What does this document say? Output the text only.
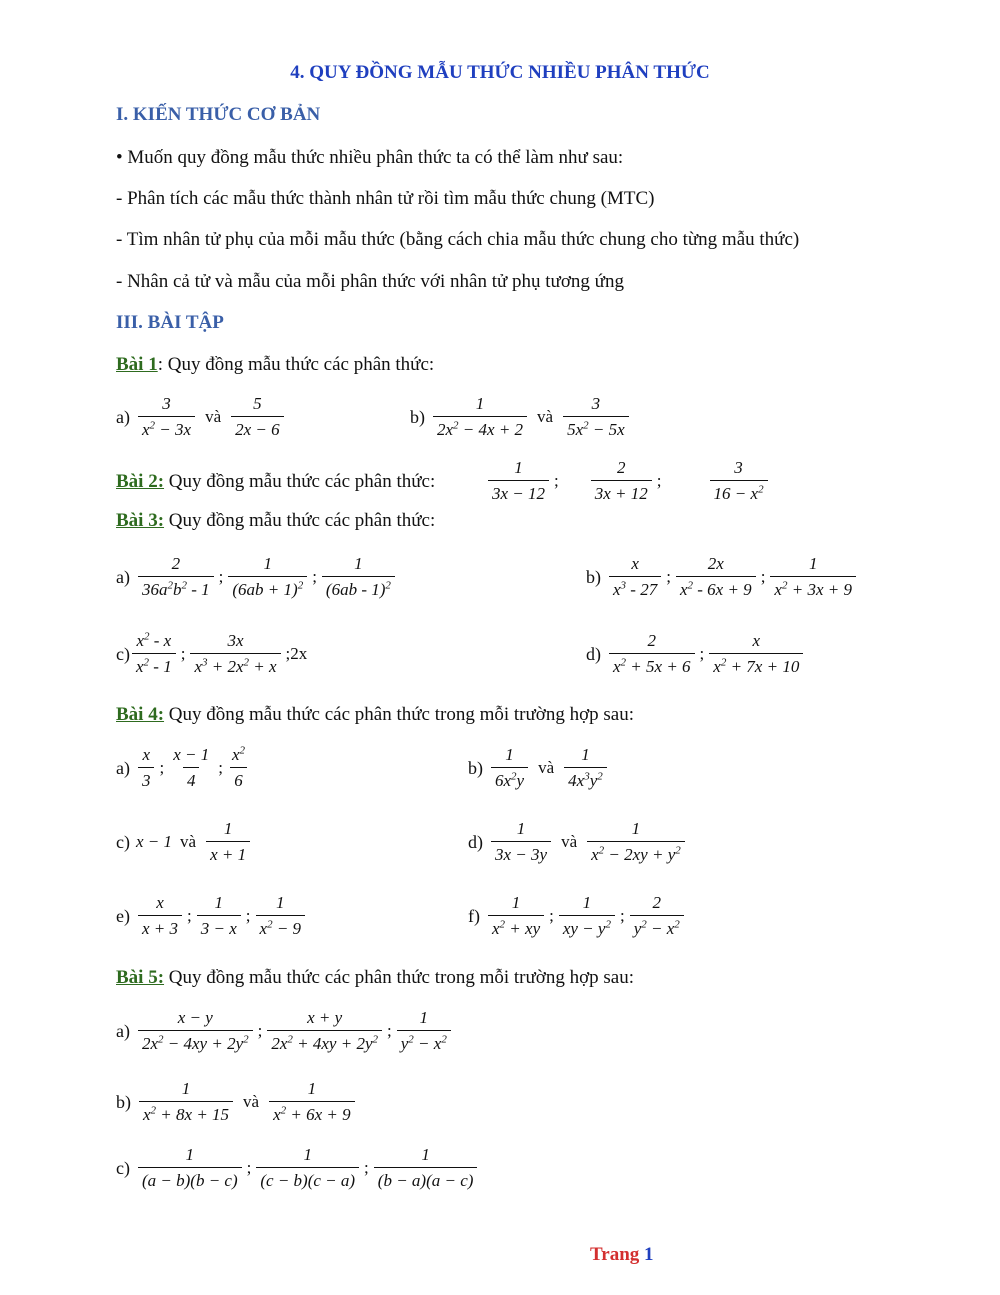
4. QUY ĐỒNG MẪU THỨC NHIỀU PHÂN THỨC
I. KIẾN THỨC CƠ BẢN
• Muốn quy đồng mẫu thức nhiều phân thức ta có thể làm như sau:
- Phân tích các mẫu thức thành nhân tử rồi tìm mẫu thức chung (MTC)
- Tìm nhân tử phụ của mỗi mẫu thức (bằng cách chia mẫu thức chung cho từng mẫu thức)
- Nhân cả tử và mẫu của mỗi phân thức với nhân tử phụ tương ứng
III. BÀI TẬP
Bài 1: Quy đồng mẫu thức các phân thức:
$a) \frac{3}{x^2 - 3x}$ và $\frac{5}{2x - 6}$	$b) \frac{1}{2x^2 - 4x + 2}$ và $\frac{3}{5x^2 - 5x}$
Bài 2: Quy đồng mẫu thức các phân thức:	$\frac{1}{3x - 12}$ ; $\frac{2}{3x + 12}$ ;	$\frac{3}{16 - x^2}$
Bài 3: Quy đồng mẫu thức các phân thức:
$a) \frac{2}{36a^2b^2 - 1}$ ; $\frac{1}{(6ab + 1)^2}$ ; $\frac{1}{(6ab - 1)^2}$	$b) \frac{x}{x^3 - 27}$ ; $\frac{2x}{x^2 - 6x + 9}$ ; $\frac{1}{x^2 + 3x + 9}$
$c) \frac{x^2 - x}{x^2 - 1}$ ; $\frac{3x}{x^3 + 2x^2 + x}$ ;2x	$d) \frac{2}{x^2 + 5x + 6}$ ; $\frac{x}{x^2 + 7x + 10}$
Bài 4: Quy đồng mẫu thức các phân thức trong mỗi trường hợp sau:
$a) \frac{x}{3}$ ; $\frac{x - 1}{4}$ ; $\frac{x^2}{6}$	$b) \frac{1}{6x^2y}$ và $\frac{1}{4x^3y^2}$
c) x − 1 và $\frac{1}{x + 1}$	$d) \frac{1}{3x - 3y}$ và $\frac{1}{x^2 - 2xy + y^2}$
$e) \frac{x}{x + 3}$ ; $\frac{1}{3 - x}$ ; $\frac{1}{x^2 - 9}$	$f) \frac{1}{x^2 + xy}$ ; $\frac{1}{xy - y^2}$ ; $\frac{2}{y^2 - x^2}$
Bài 5: Quy đồng mẫu thức các phân thức trong mỗi trường hợp sau:
$a) \frac{x - y}{2x^2 - 4xy + 2y^2}$ ; $\frac{x + y}{2x^2 + 4xy + 2y^2}$ ; $\frac{1}{y^2 - x^2}$
$b) \frac{1}{x^2 + 8x + 15}$ và $\frac{1}{x^2 + 6x + 9}$
$c) \frac{1}{(a - b)(b - c)}$ ; $\frac{1}{(c - b)(c - a)}$ ; $\frac{1}{(b - a)(a - c)}$
Trang 1
